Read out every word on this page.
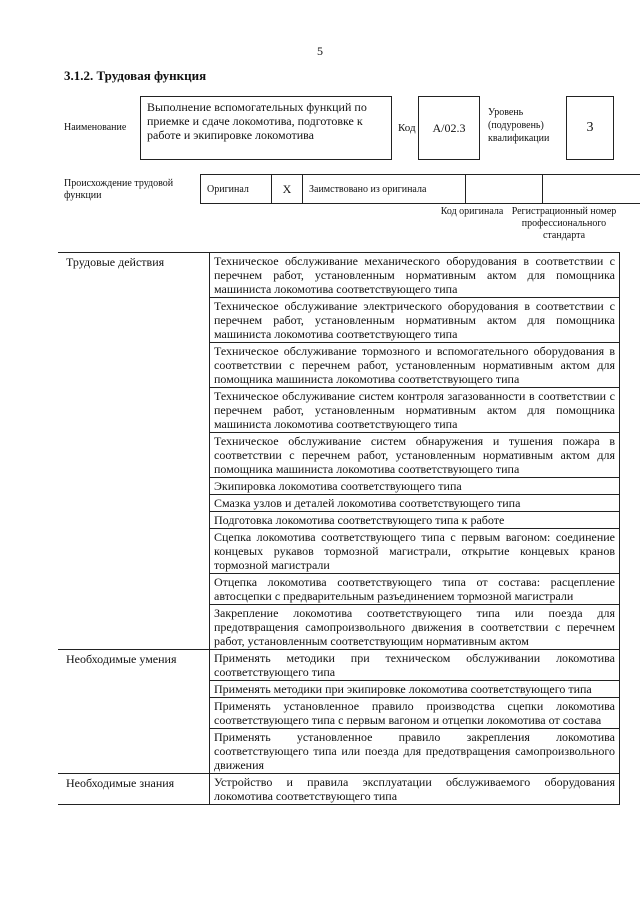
5
3.1.2. Трудовая функция
Наименование
Выполнение вспомогательных функций по приемке и сдаче локомотива, подготовке к работе и экипировке локомотива	Код	А/02.3
Уровень (подуровень) квалификации
3
Происхождение трудовой функции
Оригинал	X	Заимствовано из оригинала		
Код оригинала Регистрационный номер профессионального стандарта
Трудовые действия	Техническое обслуживание механического оборудования в соответствии с перечнем работ, установленным нормативным актом для помощника машиниста локомотива соответствующего типа
	Техническое обслуживание электрического оборудования в соответствии с перечнем работ, установленным нормативным актом для помощника машиниста локомотива соответствующего типа
	Техническое обслуживание тормозного и вспомогательного оборудования в соответствии с перечнем работ, установленным нормативным актом для помощника машиниста локомотива соответствующего типа
	Техническое обслуживание систем контроля загазованности в соответствии с перечнем работ, установленным нормативным актом для помощника машиниста локомотива соответствующего типа
	Техническое обслуживание систем обнаружения и тушения пожара в соответствии с перечнем работ, установленным нормативным актом для помощника машиниста локомотива соответствующего типа
	Экипировка локомотива соответствующего типа
	Смазка узлов и деталей локомотива соответствующего типа
	Подготовка локомотива соответствующего типа к работе
	Сцепка локомотива соответствующего типа с первым вагоном: соединение концевых рукавов тормозной магистрали, открытие концевых кранов тормозной магистрали
	Отцепка локомотива соответствующего типа от состава: расцепление автосцепки с предварительным разъединением тормозной магистрали
	Закрепление локомотива соответствующего типа или поезда для предотвращения самопроизвольного движения в соответствии с перечнем работ, установленным соответствующим нормативным актом
Необходимые умения	Применять методики при техническом обслуживании локомотива соответствующего типа
	Применять методики при экипировке локомотива соответствующего типа
	Применять установленное правило производства сцепки локомотива соответствующего типа с первым вагоном и отцепки локомотива от состава
	Применять установленное правило закрепления локомотива соответствующего типа или поезда для предотвращения самопроизвольного движения
Необходимые знания	Устройство и правила эксплуатации обслуживаемого оборудования локомотива соответствующего типа
